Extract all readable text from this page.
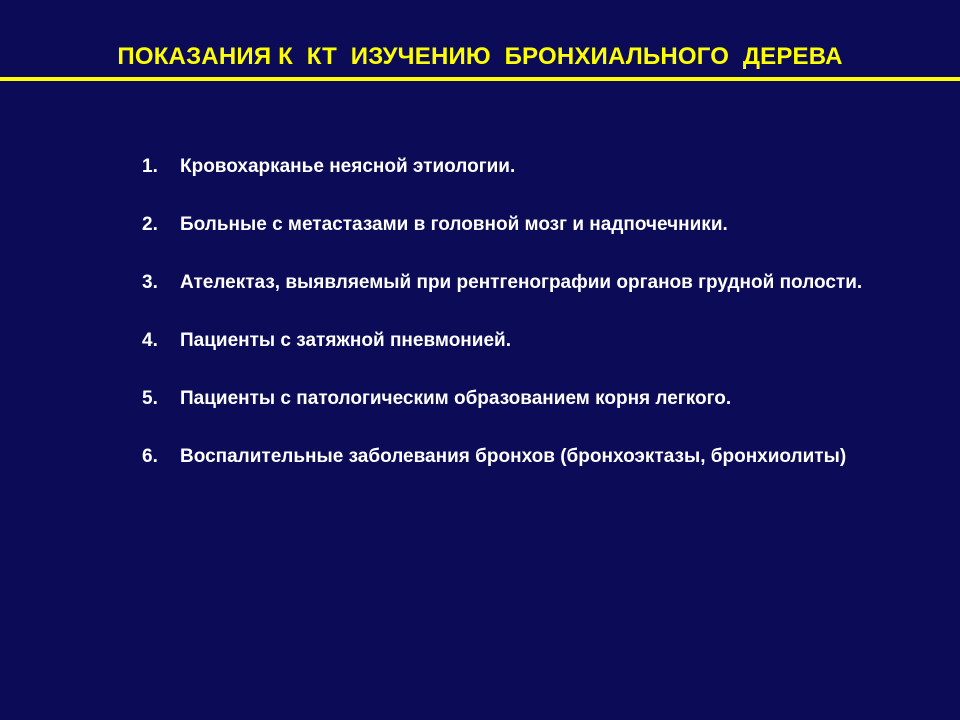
ПОКАЗАНИЯ К  КТ  ИЗУЧЕНИЮ  БРОНХИАЛЬНОГО  ДЕРЕВА
1. Кровохарканье неясной этиологии.
2. Больные с метастазами в головной мозг и надпочечники.
3. Ателектаз, выявляемый при рентгенографии органов грудной полости.
4. Пациенты с затяжной пневмонией.
5. Пациенты с патологическим образованием корня легкого.
6. Воспалительные заболевания бронхов (бронхоэктазы, бронхиолиты)
